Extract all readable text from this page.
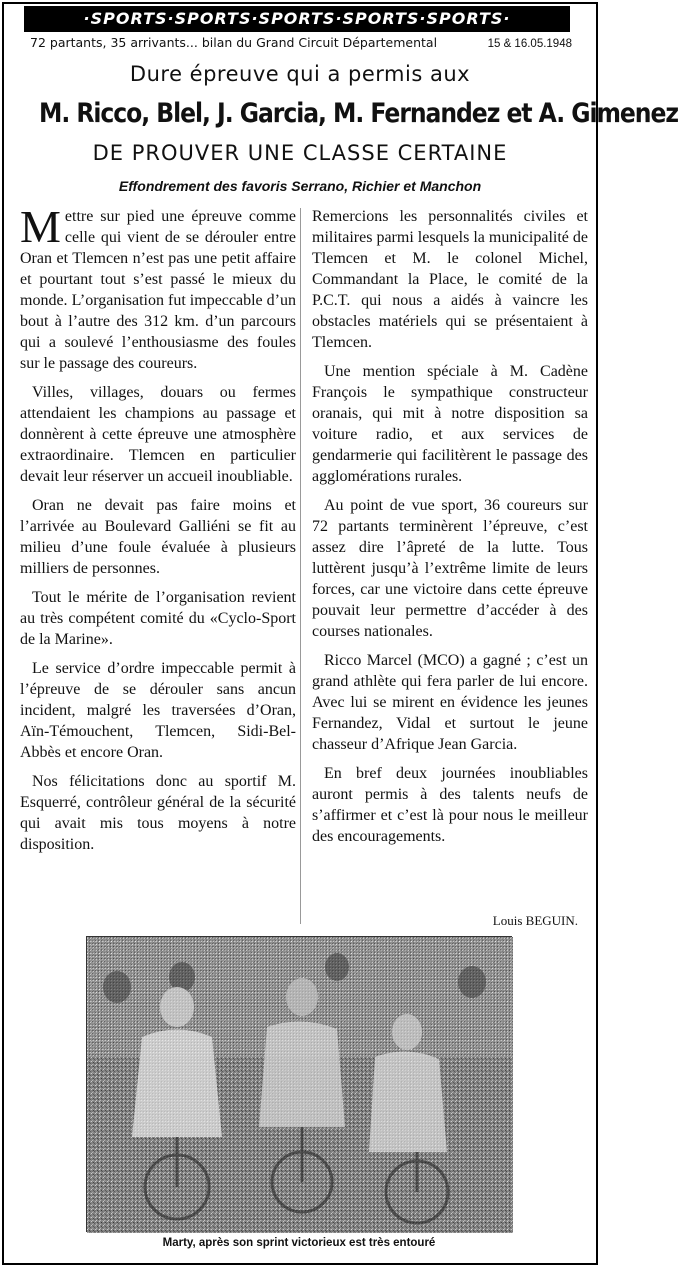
·SPORTS·SPORTS·SPORTS·SPORTS·SPORTS·
72 partants, 35 arrivants... bilan du Grand Circuit Départemental	15 & 16.05.1948
Dure épreuve qui a permis aux
M. Ricco, Blel, J. Garcia, M. Fernandez et A. Gimenez
DE PROUVER UNE CLASSE CERTAINE
Effondrement des favoris Serrano, Richier et Manchon

Mettre sur pied une épreuve comme celle qui vient de se dérouler entre Oran et Tlemcen n’est pas une petit affaire et pourtant tout s’est passé le mieux du monde. L’organisation fut impeccable d’un bout à l’autre des 312 km. d’un parcours qui a soulevé l’enthousiasme des foules sur le passage des coureurs.

Villes, villages, douars ou fermes attendaient les champions au passage et donnèrent à cette épreuve une atmosphère extraordinaire. Tlemcen en particulier devait leur réserver un accueil inoubliable.

Oran ne devait pas faire moins et l’arrivée au Boulevard Galliéni se fit au milieu d’une foule évaluée à plusieurs milliers de personnes.

Tout le mérite de l’organisation revient au très compétent comité du «Cyclo-Sport de la Marine».

Le service d’ordre impeccable permit à l’épreuve de se dérouler sans ancun incident, malgré les traversées d’Oran, Aïn-Témouchent, Tlemcen, Sidi-Bel-Abbès et encore Oran.

Nos félicitations donc au sportif M. Esquerré, contrôleur général de la sécurité qui avait mis tous moyens à notre disposition.

Remercions les personnalités civiles et militaires parmi lesquels la municipalité de Tlemcen et M. le colonel Michel, Commandant la Place, le comité de la P.C.T. qui nous a aidés à vaincre les obstacles matériels qui se présentaient à Tlemcen.

Une mention spéciale à M. Cadène François le sympathique constructeur oranais, qui mit à notre disposition sa voiture radio, et aux services de gendarmerie qui facilitèrent le passage des agglomérations rurales.

Au point de vue sport, 36 coureurs sur 72 partants terminèrent l’épreuve, c’est assez dire l’âpreté de la lutte. Tous luttèrent jusqu’à l’extrême limite de leurs forces, car une victoire dans cette épreuve pouvait leur permettre d’accéder à des courses nationales.

Ricco Marcel (MCO) a gagné ; c’est un grand athlète qui fera parler de lui encore. Avec lui se mirent en évidence les jeunes Fernandez, Vidal et surtout le jeune chasseur d’Afrique Jean Garcia.

En bref deux journées inoubliables auront permis à des talents neufs de s’affirmer et c’est là pour nous le meilleur des encouragements.

Louis BEGUIN.
Marty, après son sprint victorieux est très entouré
